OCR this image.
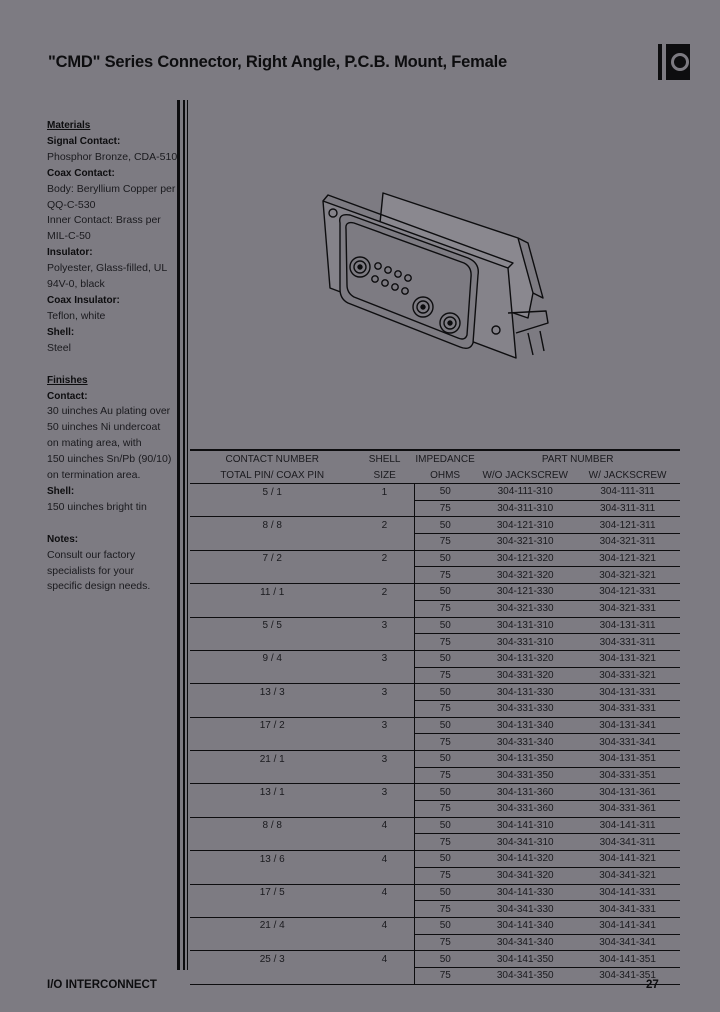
"CMD" Series Connector, Right Angle, P.C.B. Mount, Female
Materials
Signal Contact:
Phosphor Bronze, CDA-510
Coax Contact:
Body: Beryllium Copper per
QQ-C-530
Inner Contact: Brass per
MIL-C-50
Insulator:
Polyester, Glass-filled, UL
94V-0, black
Coax Insulator:
Teflon, white
Shell:
Steel
Finishes
Contact:
30 uinches Au plating over
50 uinches Ni undercoat
on mating area, with
150 uinches Sn/Pb (90/10)
on termination area.
Shell:
150 uinches bright tin
Notes:
Consult our factory
specialists for your
specific design needs.
CONTACT NUMBER	SHELL	IMPEDANCE	PART NUMBER	
TOTAL PIN/ COAX PIN	SIZE	OHMS	W/O JACKSCREW	W/ JACKSCREW
5 / 1	1	50	304-111-310	304-111-311
		75	304-311-310	304-311-311
8 / 8	2	50	304-121-310	304-121-311
		75	304-321-310	304-321-311
7 / 2	2	50	304-121-320	304-121-321
		75	304-321-320	304-321-321
11 / 1	2	50	304-121-330	304-121-331
		75	304-321-330	304-321-331
5 / 5	3	50	304-131-310	304-131-311
		75	304-331-310	304-331-311
9 / 4	3	50	304-131-320	304-131-321
		75	304-331-320	304-331-321
13 / 3	3	50	304-131-330	304-131-331
		75	304-331-330	304-331-331
17 / 2	3	50	304-131-340	304-131-341
		75	304-331-340	304-331-341
21 / 1	3	50	304-131-350	304-131-351
		75	304-331-350	304-331-351
13 / 1	3	50	304-131-360	304-131-361
		75	304-331-360	304-331-361
8 / 8	4	50	304-141-310	304-141-311
		75	304-341-310	304-341-311
13 / 6	4	50	304-141-320	304-141-321
		75	304-341-320	304-341-321
17 / 5	4	50	304-141-330	304-141-331
		75	304-341-330	304-341-331
21 / 4	4	50	304-141-340	304-141-341
		75	304-341-340	304-341-341
25 / 3	4	50	304-141-350	304-141-351
		75	304-341-350	304-341-351
I/O INTERCONNECT	27
